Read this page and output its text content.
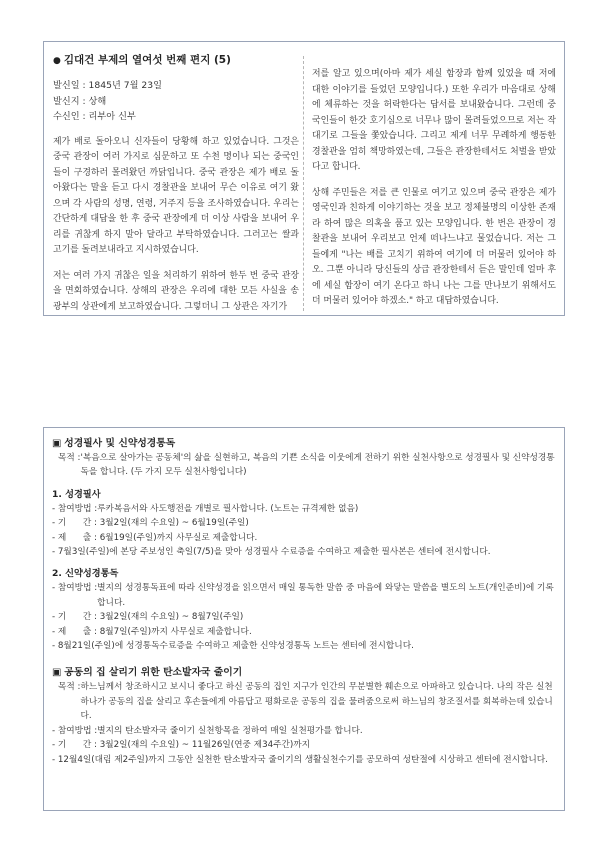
● 김대건 부제의 열여섯 번째 편지 (5)
발신일 : 1845년 7월 23일
발신지 : 상해
수신인 : 리부아 신부

제가 배로 돌아오니 신자들이 당황해 하고 있었습니다. 그것은 중국 관장이 여러 가지로 심문하고 또 수천 명이나 되는 중국인들이 구경하러 몰려왔던 까닭입니다. 중국 관장은 제가 배로 돌아왔다는 말을 듣고 다시 경찰관을 보내어 무슨 이유로 여기 왔으며 각 사람의 성명, 연령, 거주지 등을 조사하였습니다. 우리는 간단하게 대답을 한 후 중국 관장에게 더 이상 사람을 보내어 우리를 귀찮게 하지 말아 달라고 부탁하였습니다. 그러고는 쌀과 고기를 돌려보내라고 지시하였습니다.

저는 여러 가지 귀찮은 일을 처리하기 위하여 한두 번 중국 관장을 면회하였습니다. 상해의 관장은 우리에 대한 모든 사실을 송광부의 상관에게 보고하였습니다. 그렇더니 그 상관은 자기가

저를 알고 있으며(아마 제가 세실 함장과 함께 있었을 때 저에 대한 이야기를 들었던 모양입니다.) 또한 우리가 마음대로 상해에 체류하는 것을 허락한다는 답서를 보내왔습니다. 그런데 중국인들이 한갓 호기심으로 너무나 많이 몰려들었으므로 저는 작대기로 그들을 쫓았습니다. 그리고 제게 너무 무례하게 행동한 경찰관을 엄히 책망하였는데, 그들은 관장한테서도 처벌을 받았다고 합니다.

상해 주민들은 저를 큰 인물로 여기고 있으며 중국 관장은 제가 영국인과 친하게 이야기하는 것을 보고 정체불명의 이상한 존재라 하여 많은 의혹을 품고 있는 모양입니다. 한 번은 관장이 경찰관을 보내어 우리보고 언제 떠나느냐고 물었습니다. 저는 그들에게 "나는 배를 고치기 위하여 여기에 더 머물러 있어야 하오. 그뿐 아니라 당신들의 상급 관장한테서 듣은 말인데 얼마 후에 세실 함장이 여기 온다고 하니 나는 그를 만나보기 위해서도 더 머물러 있어야 하겠소." 하고 대답하였습니다.

▣ 성경필사 및 신약성경통독
목적 : '복음으로 살아가는 공동체'의 삶을 실현하고, 복음의 기쁜 소식을 이웃에게 전하기 위한 실천사항으로 성경필사 및 신약성경통독을 합니다. (두 가지 모두 실천사항입니다)
1. 성경필사
- 참여방법 : 루카복음서와 사도행전을 개별로 필사합니다. (노트는 규격제한 없음)
- 기      간 : 3월2일(재의 수요일) ~ 6월19일(주일)
- 제      출 : 6월19일(주일)까지 사무실로 제출합니다.
- 7월3일(주일)에 본당 주보성인 축일(7/5)을 맞아 성경필사 수료증을 수여하고 제출한 필사본은 센터에 전시합니다.
2. 신약성경통독
- 참여방법 : 별지의 성경통독표에 따라 신약성경을 읽으면서 매일 통독한 말씀 중 마음에 와닿는 말씀을 별도의 노트(개인준비)에 기록합니다.
- 기      간 : 3월2일(재의 수요일) ~ 8월7일(주일)
- 제      출 : 8월7일(주일)까지 사무실로 제출합니다.
- 8월21일(주일)에 성경통독수료증을 수여하고 제출한 신약성경통독 노트는 센터에 전시합니다.
▣ 공동의 집 살리기 위한 탄소발자국 줄이기
목적 : 하느님께서 창조하시고 보시니 좋다고 하신 공동의 집인 지구가 인간의 무분별한 훼손으로 아파하고 있습니다. 나의 작은 실천 하나가 공동의 집을 살리고 후손들에게 아름답고 평화로운 공동의 집을 물려줌으로써 하느님의 창조질서를 회복하는데 있습니다.
- 참여방법 : 별지의 탄소발자국 줄이기 실천항목을 정하여 매일 실천평가를 합니다.
- 기      간 : 3월2일(재의 수요일) ~ 11월26일(연중 제34주간)까지
- 12월4일(대림 제2주일)까지 그동안 실천한 탄소발자국 줄이기의 생활실천수기를 공모하여 성탄절에 시상하고 센터에 전시합니다.
